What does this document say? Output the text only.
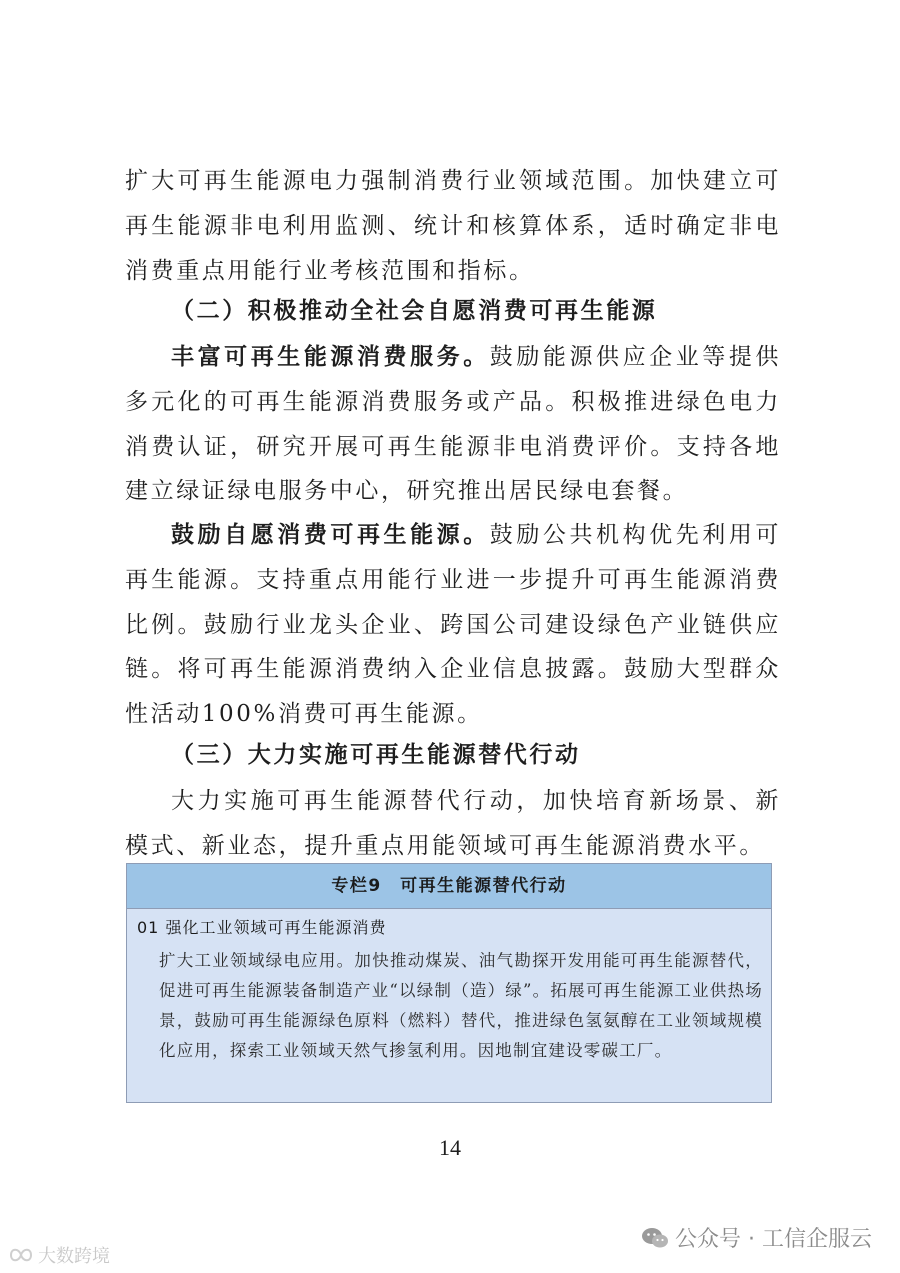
扩大可再生能源电力强制消费行业领域范围。加快建立可再生能源非电利用监测、统计和核算体系，适时确定非电消费重点用能行业考核范围和指标。

（二）积极推动全社会自愿消费可再生能源

丰富可再生能源消费服务。鼓励能源供应企业等提供多元化的可再生能源消费服务或产品。积极推进绿色电力消费认证，研究开展可再生能源非电消费评价。支持各地建立绿证绿电服务中心，研究推出居民绿电套餐。

鼓励自愿消费可再生能源。鼓励公共机构优先利用可再生能源。支持重点用能行业进一步提升可再生能源消费比例。鼓励行业龙头企业、跨国公司建设绿色产业链供应链。将可再生能源消费纳入企业信息披露。鼓励大型群众性活动100%消费可再生能源。

（三）大力实施可再生能源替代行动

大力实施可再生能源替代行动，加快培育新场景、新模式、新业态，提升重点用能领域可再生能源消费水平。

专栏9　可再生能源替代行动
01 强化工业领域可再生能源消费
扩大工业领域绿电应用。加快推动煤炭、油气勘探开发用能可再生能源替代，促进可再生能源装备制造产业“以绿制（造）绿”。拓展可再生能源工业供热场景，鼓励可再生能源绿色原料（燃料）替代，推进绿色氢氨醇在工业领域规模化应用，探索工业领域天然气掺氢利用。因地制宜建设零碳工厂。
14
公众号 · 工信企服云
大数跨境
